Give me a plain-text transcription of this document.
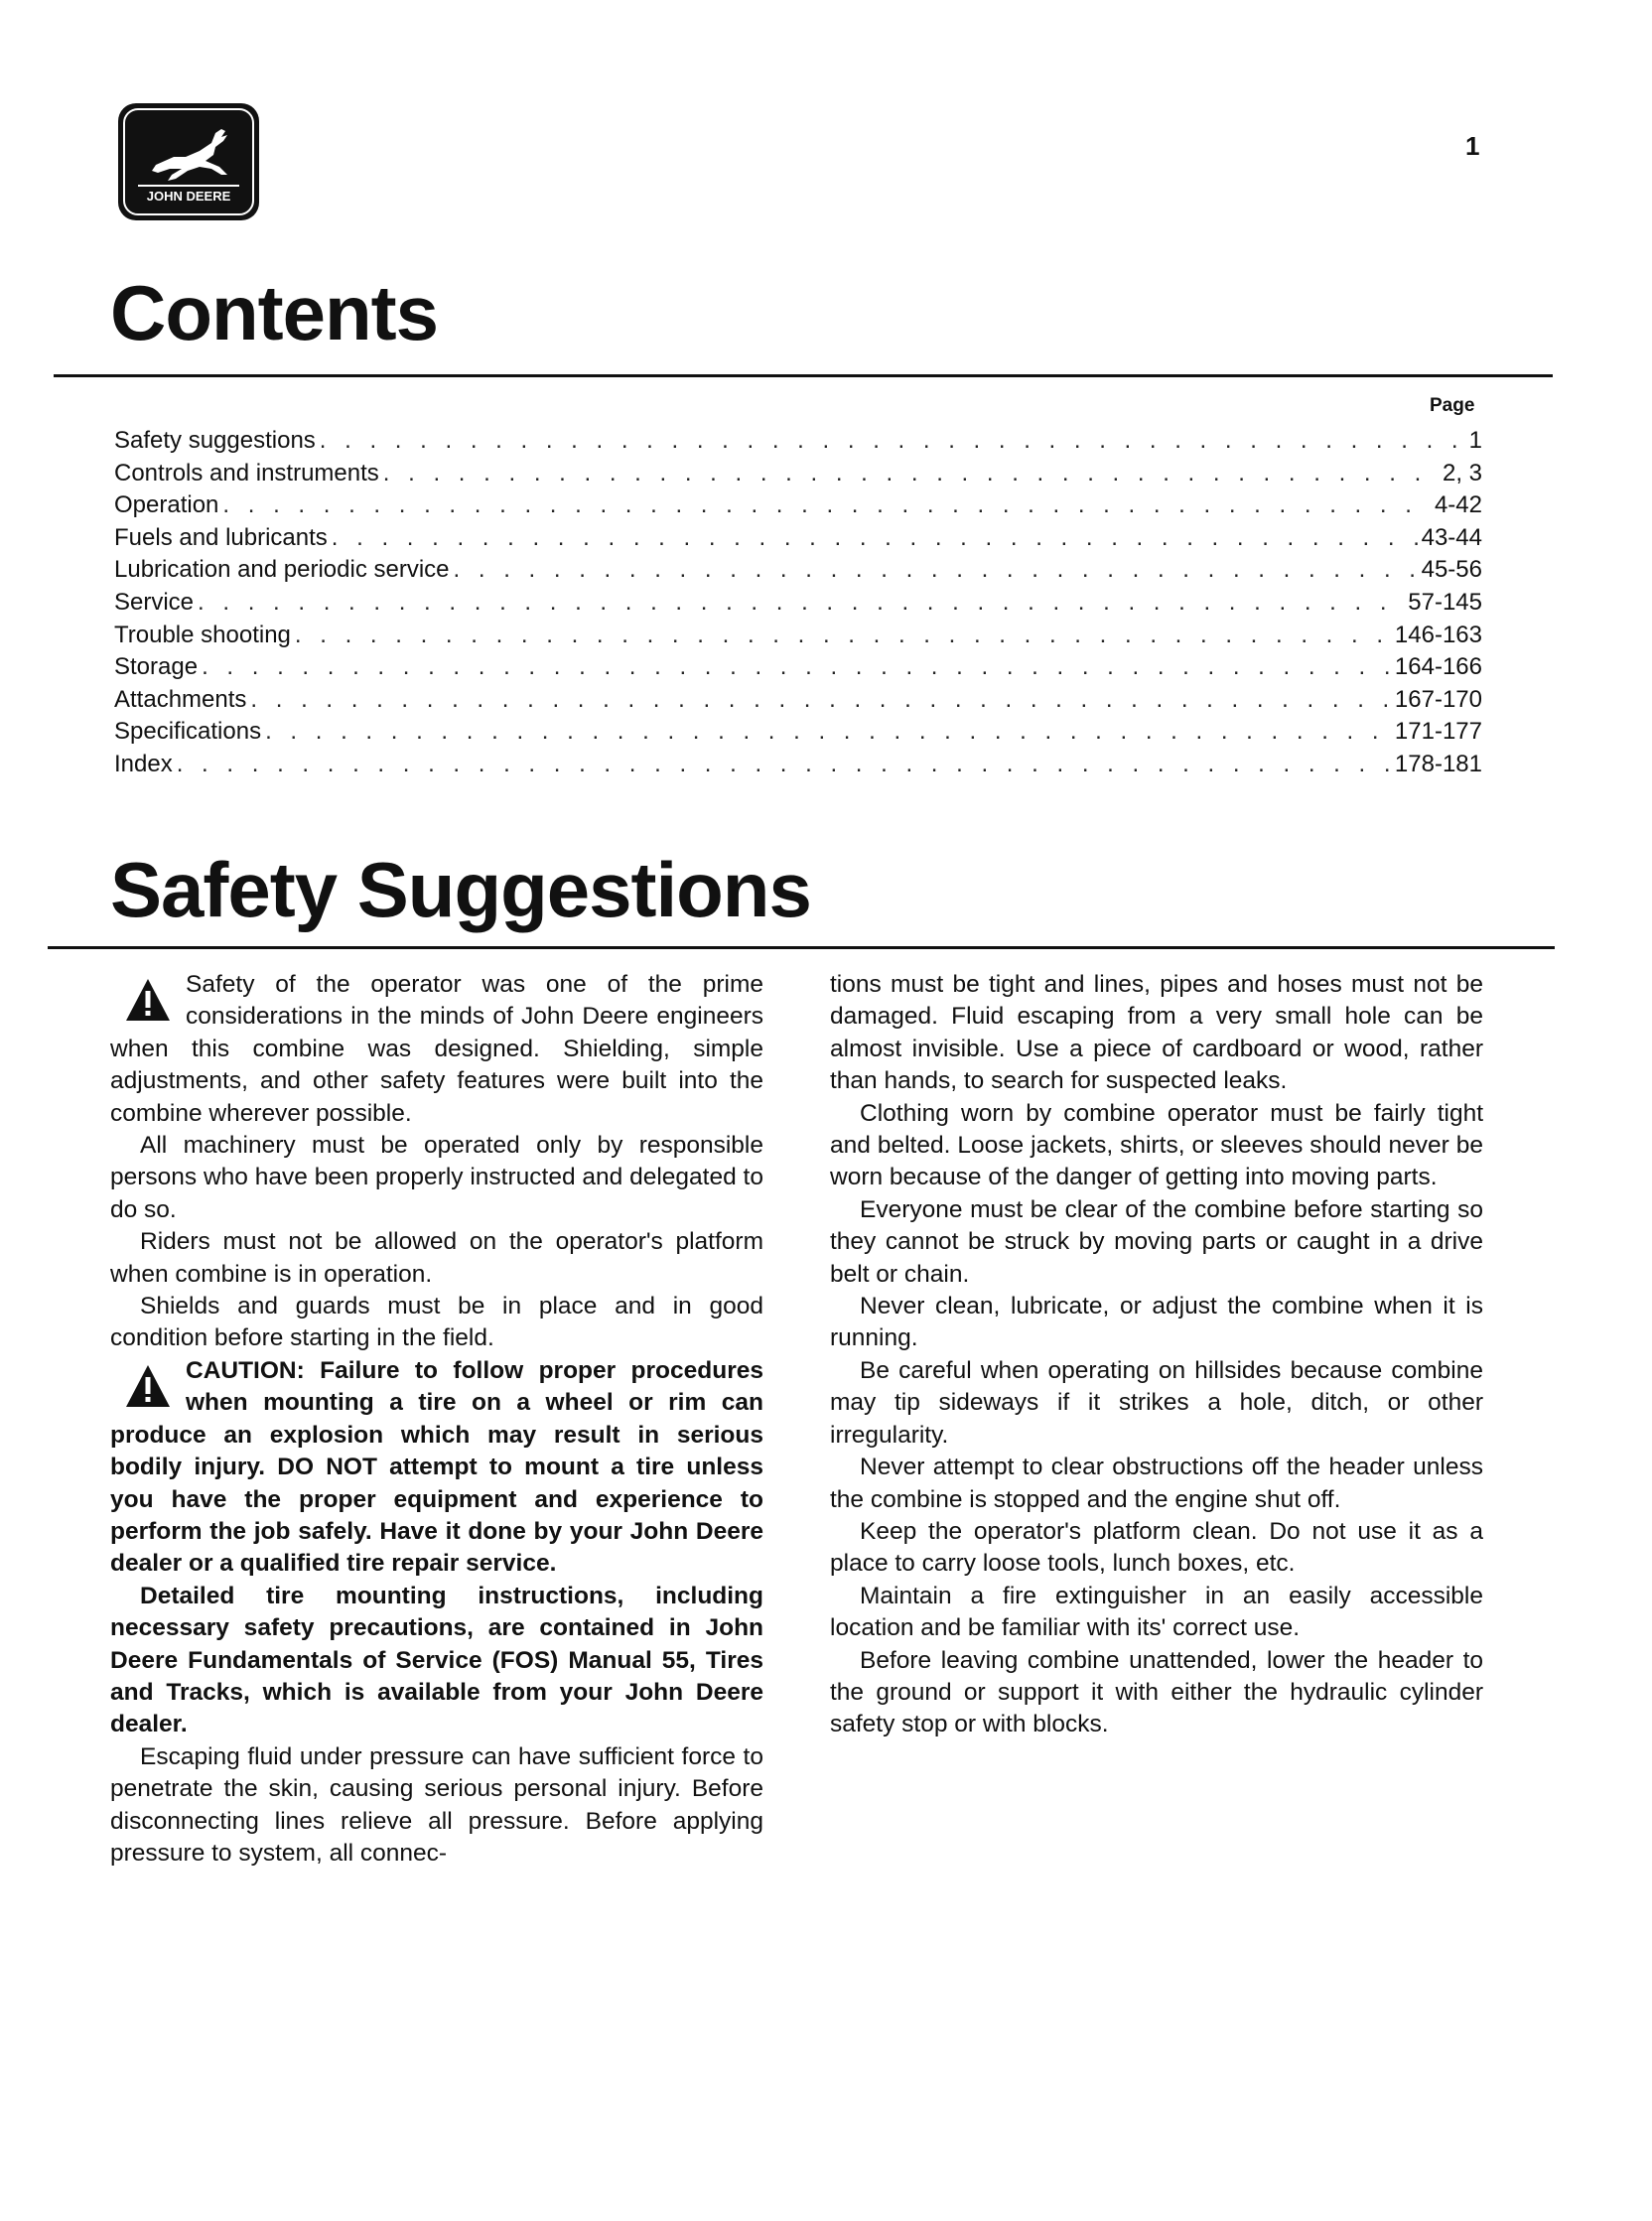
JOHN DEERE
1
Contents
Page
Safety suggestions . . .	1
Controls and instruments . . .	2, 3
Operation . . .	4-42
Fuels and lubricants . . .	43-44
Lubrication and periodic service . . .	45-56
Service . . .	57-145
Trouble shooting . . .	146-163
Storage . . .	164-166
Attachments . . .	167-170
Specifications . . .	171-177
Index . . .	178-181
Safety Suggestions

Safety of the operator was one of the prime considerations in the minds of John Deere engineers when this combine was designed. Shielding, simple adjustments, and other safety features were built into the combine wherever possible.

All machinery must be operated only by responsible persons who have been properly instructed and delegated to do so.

Riders must not be allowed on the operator's platform when combine is in operation.

Shields and guards must be in place and in good condition before starting in the field.

CAUTION: Failure to follow proper procedures when mounting a tire on a wheel or rim can produce an explosion which may result in serious bodily injury. DO NOT attempt to mount a tire unless you have the proper equipment and experience to perform the job safely. Have it done by your John Deere dealer or a qualified tire repair service.

Detailed tire mounting instructions, including necessary safety precautions, are contained in John Deere Fundamentals of Service (FOS) Manual 55, Tires and Tracks, which is available from your John Deere dealer.

Escaping fluid under pressure can have sufficient force to penetrate the skin, causing serious personal injury. Before disconnecting lines relieve all pressure. Before applying pressure to system, all connec-

tions must be tight and lines, pipes and hoses must not be damaged. Fluid escaping from a very small hole can be almost invisible. Use a piece of cardboard or wood, rather than hands, to search for suspected leaks.

Clothing worn by combine operator must be fairly tight and belted. Loose jackets, shirts, or sleeves should never be worn because of the danger of getting into moving parts.

Everyone must be clear of the combine before starting so they cannot be struck by moving parts or caught in a drive belt or chain.

Never clean, lubricate, or adjust the combine when it is running.

Be careful when operating on hillsides because combine may tip sideways if it strikes a hole, ditch, or other irregularity.

Never attempt to clear obstructions off the header unless the combine is stopped and the engine shut off.

Keep the operator's platform clean. Do not use it as a place to carry loose tools, lunch boxes, etc.

Maintain a fire extinguisher in an easily accessible location and be familiar with its' correct use.

Before leaving combine unattended, lower the header to the ground or support it with either the hydraulic cylinder safety stop or with blocks.
